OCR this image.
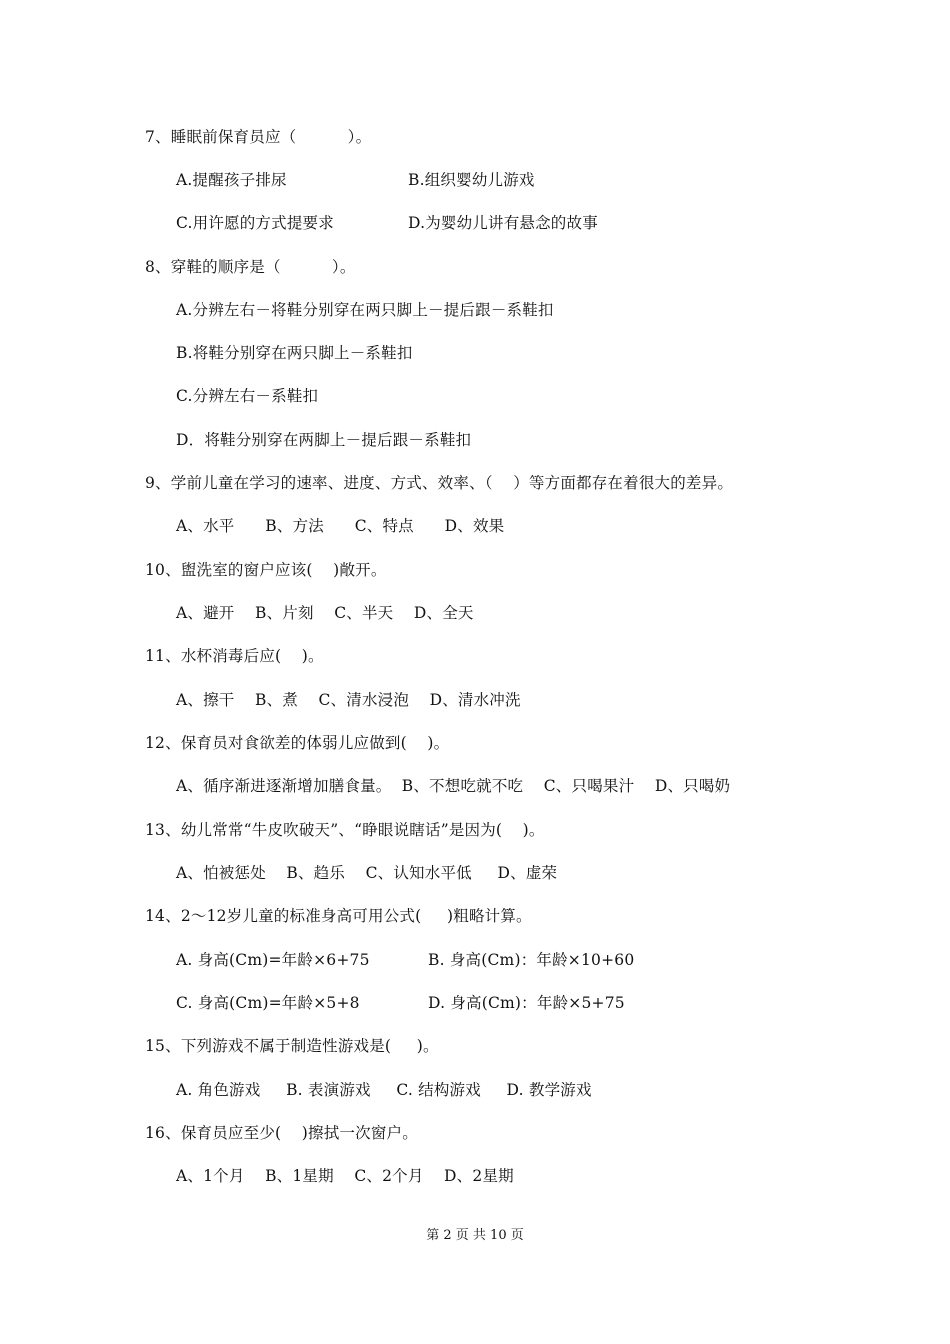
7、睡眠前保育员应（          ）。
A.提醒孩子排尿	B.组织婴幼儿游戏
C.用许愿的方式提要求	D.为婴幼儿讲有悬念的故事
8、穿鞋的顺序是（          ）。
A.分辨左右－将鞋分别穿在两只脚上－提后跟－系鞋扣
B.将鞋分别穿在两只脚上－系鞋扣
C.分辨左右－系鞋扣
D．将鞋分别穿在两脚上－提后跟－系鞋扣
9、学前儿童在学习的速率、进度、方式、效率、（    ）等方面都存在着很大的差异。
A、水平      B、方法      C、特点      D、效果
10、盥洗室的窗户应该(    )敞开。
A、避开    B、片刻    C、半天    D、全天
11、水杯消毒后应(    )。
A、擦干    B、煮    C、清水浸泡    D、清水冲洗
12、保育员对食欲差的体弱儿应做到(    )。
A、循序渐进逐渐增加膳食量。  B、不想吃就不吃    C、只喝果汁    D、只喝奶
13、幼儿常常“牛皮吹破天”、“睁眼说瞎话”是因为(    )。
A、怕被惩处    B、趋乐    C、认知水平低     D、虚荣
14、2～12岁儿童的标准身高可用公式(     )粗略计算。
A. 身高(Cm)=年龄×6+75	B. 身高(Cm)：年龄×10+60
C. 身高(Cm)=年龄×5+8	D. 身高(Cm)：年龄×5+75
15、下列游戏不属于制造性游戏是(     )。
A. 角色游戏     B. 表演游戏     C. 结构游戏     D. 教学游戏
16、保育员应至少(    )擦拭一次窗户。
A、1个月    B、1星期    C、2个月    D、2星期
第 2 页 共 10 页
